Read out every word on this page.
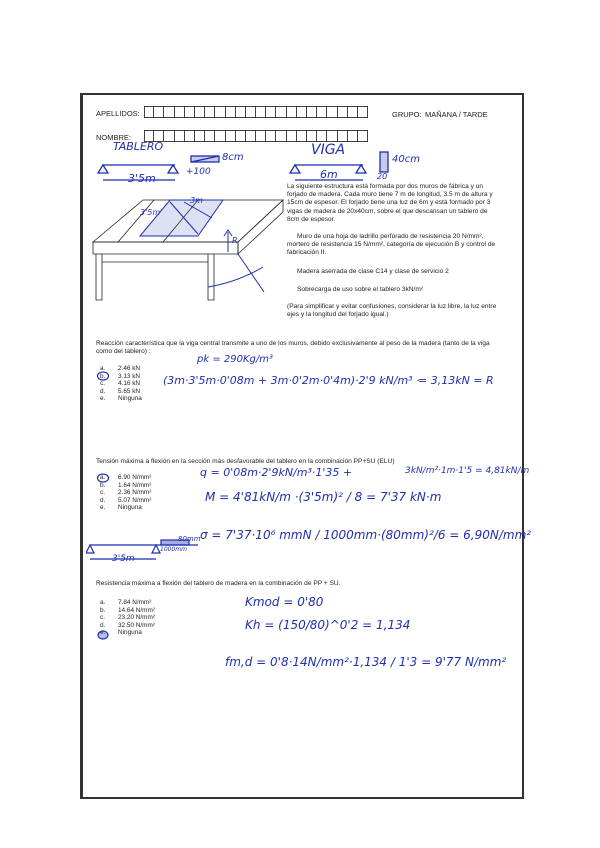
APELLIDOS:	GRUPO: MAÑANA / TARDE
NOMBRE:
TABLERO
8cm
+100
3'5m
VIGA
40cm
6m	20
3'5m
3m
R
La siguiente estructura está formada por dos muros de fábrica y un forjado de madera. Cada muro tiene 7 m de longitud, 3.5 m de altura y 15cm de espesor. El forjado tiene una luz de 6m y está formado por 3 vigas de madera de 20x40cm, sobre el que descansan un tablero de 8cm de espesor.
Muro de una hoja de ladrillo perforado de resistencia 20 N/mm², mortero de resistencia 15 N/mm², categoría de ejecución B y control de fabricación II.
Madera aserrada de clase C14 y clase de servicio 2
Sobrecarga de uso sobre el tablero 3kN/m²
(Para simplificar y evitar confusiones, considerar la luz libre, la luz entre ejes y la longitud del forjado igual.)
Reacción característica que la viga central transmite a uno de los muros, debido exclusivamente al peso de la madera (tanto de la viga como del tablero) :
a. 2.46 kN
b. 3.13 kN
c. 4.16 kN
d. 5.65 kN
e. Ninguna
pk = 290Kg/m³
(3m·3'5m·0'08m + 3m·0'2m·0'4m)·2'9 kN/m³ ·
= 3,13kN = R
Tensión máxima a flexión en la sección más desfavorable del tablero en la combinación PP+SU (ELU)
a. 6.90 N/mm²
b. 1.64 N/mm²
c. 2.36 N/mm²
d. 5.07 N/mm²
e. Ninguna
q = 0'08m·2'9kN/m³·1'35 +	3kN/m²·1m·1'5 = 4,81kN/m
M = 4'81kN/m ·(3'5m)² / 8 = 7'37 kN·m
σ = 7'37·10⁶ mmN / 1000mm·(80mm)²/6 = 6,90N/mm²
3'5m
1000mm
80mm
Resistencia máxima a flexión del tablero de madera en la combinación de PP + SU.
a. 7.84 N/mm²
b. 14.64 N/mm²
c. 23.20 N/mm²
d. 32.50 N/mm²
e. Ninguna
Kmod = 0'80
Kh = (150/80)^0'2 = 1,134
fm,d = 0'8·14N/mm²·1,134 / 1'3 = 9'77 N/mm²
